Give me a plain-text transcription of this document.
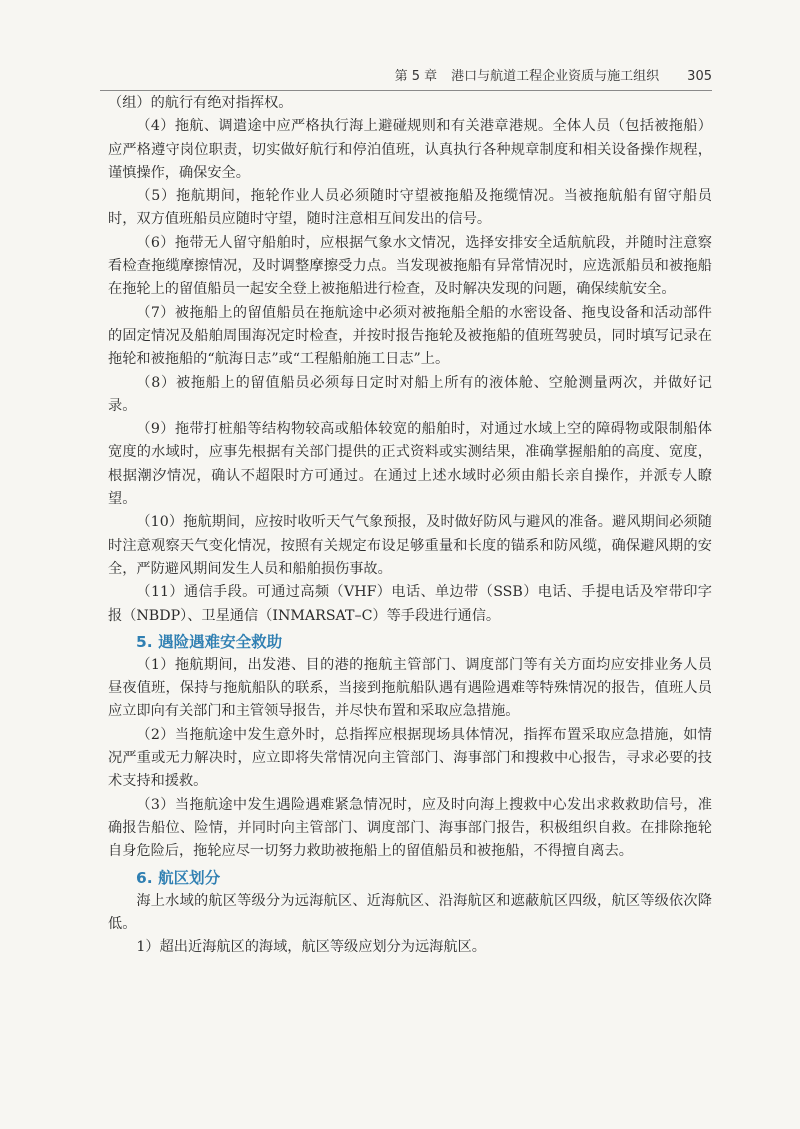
第 5 章 港口与航道工程企业资质与施工组织 305

（组）的航行有绝对指挥权。

（4）拖航、调遣途中应严格执行海上避碰规则和有关港章港规。全体人员（包括被拖船）应严格遵守岗位职责，切实做好航行和停泊值班，认真执行各种规章制度和相关设备操作规程，谨慎操作，确保安全。

（5）拖航期间，拖轮作业人员必须随时守望被拖船及拖缆情况。当被拖航船有留守船员时，双方值班船员应随时守望，随时注意相互间发出的信号。

（6）拖带无人留守船舶时，应根据气象水文情况，选择安排安全适航航段，并随时注意察看检查拖缆摩擦情况，及时调整摩擦受力点。当发现被拖船有异常情况时，应选派船员和被拖船在拖轮上的留值船员一起安全登上被拖船进行检查，及时解决发现的问题，确保续航安全。

（7）被拖船上的留值船员在拖航途中必须对被拖船全船的水密设备、拖曳设备和活动部件的固定情况及船舶周围海况定时检查，并按时报告拖轮及被拖船的值班驾驶员，同时填写记录在拖轮和被拖船的“航海日志”或“工程船舶施工日志”上。

（8）被拖船上的留值船员必须每日定时对船上所有的液体舱、空舱测量两次，并做好记录。

（9）拖带打桩船等结构物较高或船体较宽的船舶时，对通过水域上空的障碍物或限制船体宽度的水域时，应事先根据有关部门提供的正式资料或实测结果，准确掌握船舶的高度、宽度，根据潮汐情况，确认不超限时方可通过。在通过上述水域时必须由船长亲自操作，并派专人瞭望。

（10）拖航期间，应按时收听天气气象预报，及时做好防风与避风的准备。避风期间必须随时注意观察天气变化情况，按照有关规定布设足够重量和长度的锚系和防风缆，确保避风期的安全，严防避风期间发生人员和船舶损伤事故。

（11）通信手段。可通过高频（VHF）电话、单边带（SSB）电话、手提电话及窄带印字报（NBDP）、卫星通信（INMARSAT–C）等手段进行通信。

5. 遇险遇难安全救助

（1）拖航期间，出发港、目的港的拖航主管部门、调度部门等有关方面均应安排业务人员昼夜值班，保持与拖航船队的联系，当接到拖航船队遇有遇险遇难等特殊情况的报告，值班人员应立即向有关部门和主管领导报告，并尽快布置和采取应急措施。

（2）当拖航途中发生意外时，总指挥应根据现场具体情况，指挥布置采取应急措施，如情况严重或无力解决时，应立即将失常情况向主管部门、海事部门和搜救中心报告，寻求必要的技术支持和援救。

（3）当拖航途中发生遇险遇难紧急情况时，应及时向海上搜救中心发出求救救助信号，准确报告船位、险情，并同时向主管部门、调度部门、海事部门报告，积极组织自救。在排除拖轮自身危险后，拖轮应尽一切努力救助被拖船上的留值船员和被拖船，不得擅自离去。

6. 航区划分

海上水域的航区等级分为远海航区、近海航区、沿海航区和遮蔽航区四级，航区等级依次降低。

1）超出近海航区的海域，航区等级应划分为远海航区。
